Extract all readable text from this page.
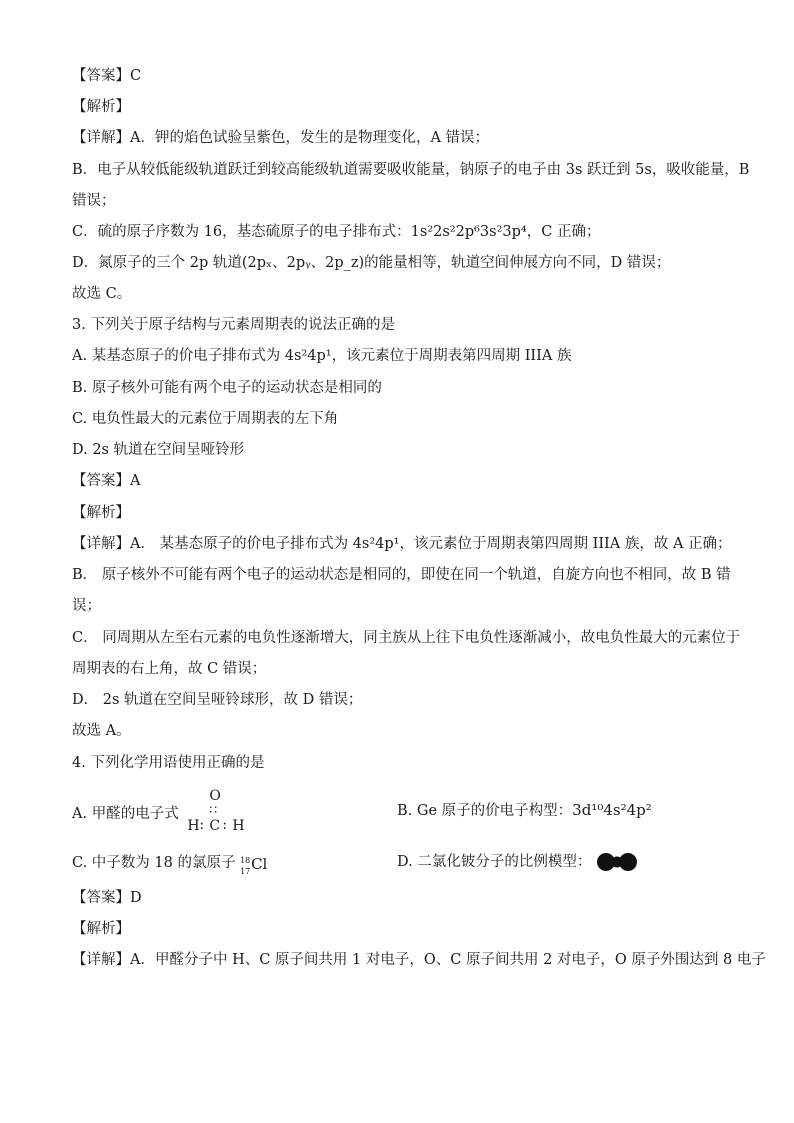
【答案】C
【解析】
【详解】A．钾的焰色试验呈紫色，发生的是物理变化，A 错误；
B．电子从较低能级轨道跃迁到较高能级轨道需要吸收能量，钠原子的电子由 3s 跃迁到 5s，吸收能量，B
错误；
C．硫的原子序数为 16，基态硫原子的电子排布式：1s²2s²2p⁶3s²3p⁴，C 正确；
D．氮原子的三个 2p 轨道(2pₓ、2pᵧ、2p_z)的能量相等，轨道空间伸展方向不同，D 错误；
故选 C。
3. 下列关于原子结构与元素周期表的说法正确的是
A. 某基态原子的价电子排布式为 4s²4p¹，该元素位于周期表第四周期 IIIA 族
B. 原子核外可能有两个电子的运动状态是相同的
C. 电负性最大的元素位于周期表的左下角
D. 2s 轨道在空间呈哑铃形
【答案】A
【解析】
【详解】A． 某基态原子的价电子排布式为 4s²4p¹，该元素位于周期表第四周期 IIIA 族，故 A 正确；
B． 原子核外不可能有两个电子的运动状态是相同的，即使在同一个轨道，自旋方向也不相同，故 B 错
误；
C． 同周期从左至右元素的电负性逐渐增大，同主族从上往下电负性逐渐减小，故电负性最大的元素位于
周期表的右上角，故 C 错误；
D． 2s 轨道在空间呈哑铃球形，故 D 错误；
故选 A。
4. 下列化学用语使用正确的是
A. 甲醛的电子式
O
∷
H : C : H
B. Ge 原子的价电子构型：3d¹⁰4s²4p²
C. 中子数为 18 的氯原子 18
17 Cl	D. 二氯化铍分子的比例模型：
【答案】D
【解析】
【详解】A．甲醛分子中 H、C 原子间共用 1 对电子，O、C 原子间共用 2 对电子，O 原子外围达到 8 电子
